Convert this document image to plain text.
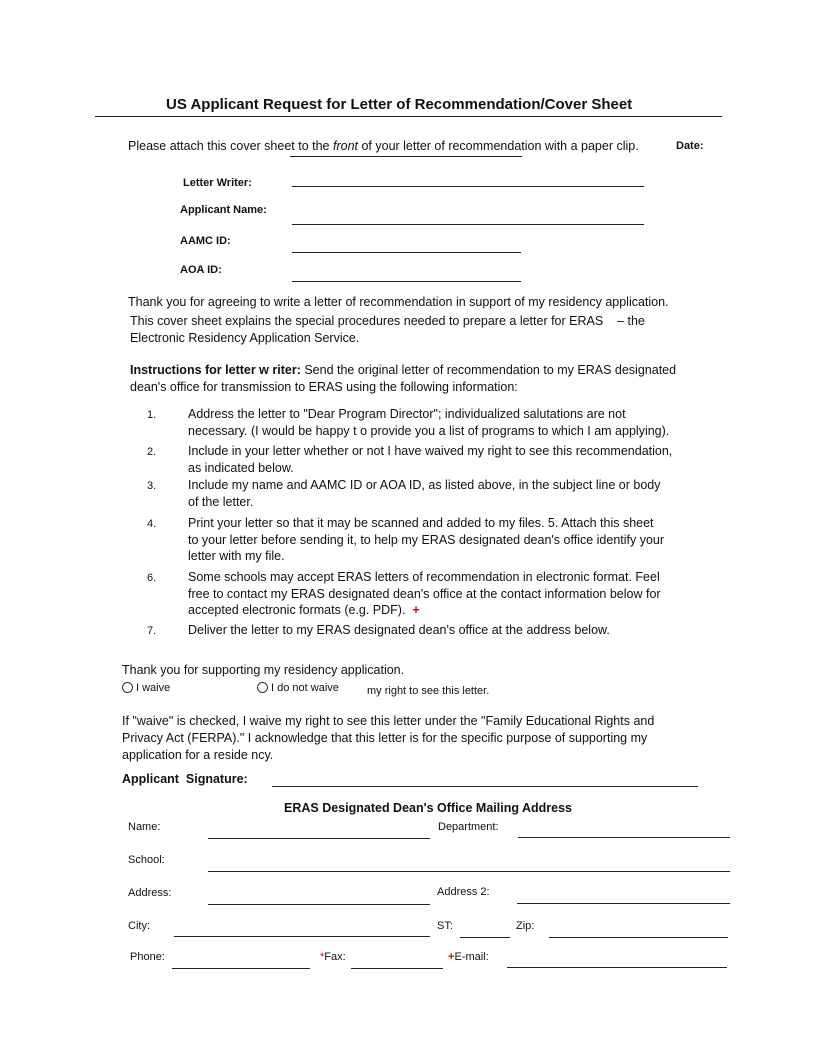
US Applicant Request for Letter of Recommendation/Cover Sheet
Please attach this cover sheet to the front of your letter of recommendation with a paper clip.	Date:
Letter Writer:
Applicant Name:
AAMC ID:
AOA ID:
Thank you for agreeing to write a letter of recommendation in support of my residency application.
This cover sheet explains the special procedures needed to prepare a letter for ERAS    – the
Electronic Residency Application Service.
Instructions for letter w riter: Send the original letter of recommendation to my ERAS designated
dean's office for transmission to ERAS using the following information:
1.	Address the letter to "Dear Program Director"; individualized salutations are not
necessary. (I would be happy t o provide you a list of programs to which I am applying).
2.	Include in your letter whether or not I have waived my right to see this recommendation,
as indicated below.
3.	Include my name and AAMC ID or AOA ID, as listed above, in the subject line or body
of the letter.
4.	Print your letter so that it may be scanned and added to my files. 5. Attach this sheet
to your letter before sending it, to help my ERAS designated dean's office identify your
letter with my file.
6.	Some schools may accept ERAS letters of recommendation in electronic format. Feel
free to contact my ERAS designated dean's office at the contact information below for
accepted electronic formats (e.g. PDF). +
7.	Deliver the letter to my ERAS designated dean's office at the address below.
Thank you for supporting my residency application.
I waive	I do not waive	my right to see this letter.
If "waive" is checked, I waive my right to see this letter under the "Family Educational Rights and
Privacy Act (FERPA)." I acknowledge that this letter is for the specific purpose of supporting my
application for a reside ncy.
Applicant  Signature:
ERAS Designated Dean's Office Mailing Address
Name:	Department:
School:
Address:	Address 2:
City:	ST:	Zip:
Phone:	*Fax:	+E-mail:
